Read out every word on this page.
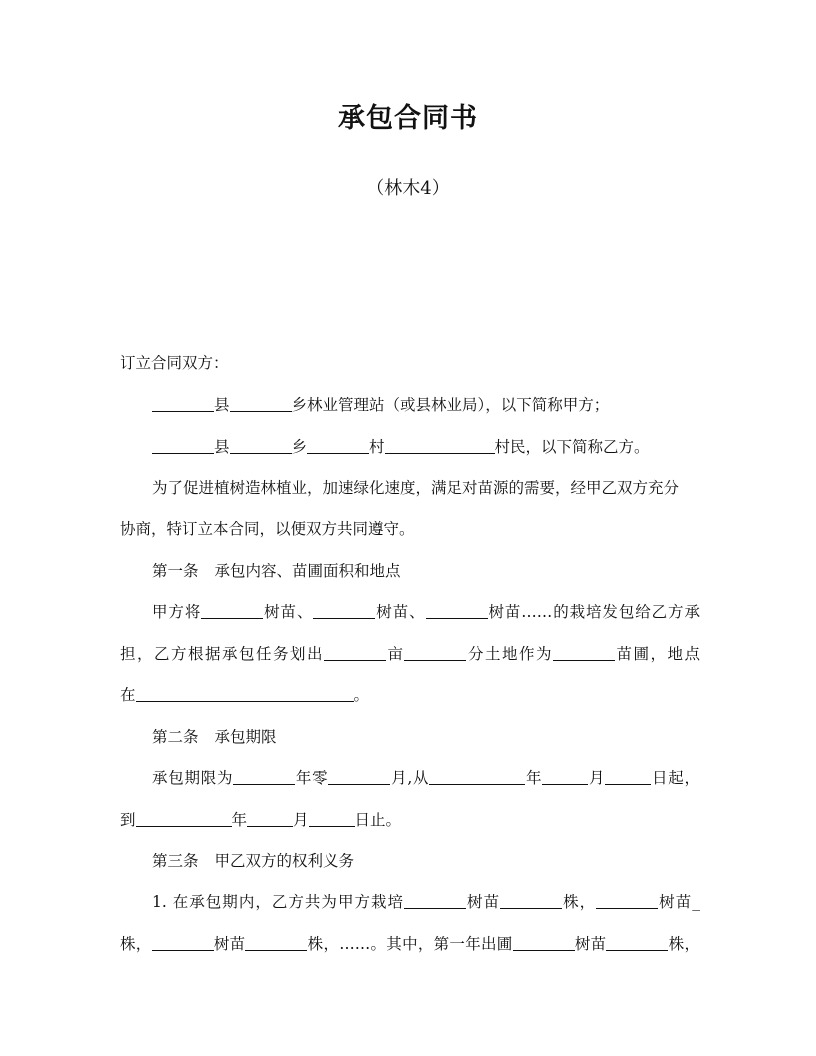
承包合同书
（林木4）
订立合同双方：
县	乡林业管理站（或县林业局），以下简称甲方；
县	乡	村	村民，以下简称乙方。
为了促进植树造林植业，加速绿化速度，满足对苗源的需要，经甲乙双方充分
协商，特订立本合同，以便双方共同遵守。
第一条 承包内容、苗圃面积和地点
甲方将	树苗、	树苗、	树苗……的栽培发包给乙方承
担，乙方根据承包任务划出	亩	分土地作为	苗圃，地点
在	。
第二条 承包期限
承包期限为	年零	月,从	年	月	日起，
到	年	月	日止。
第三条 甲乙双方的权利义务
1. 在承包期内，乙方共为甲方栽培	树苗	株，	树苗_
株，	树苗	株，……。其中，第一年出圃	树苗	株，
